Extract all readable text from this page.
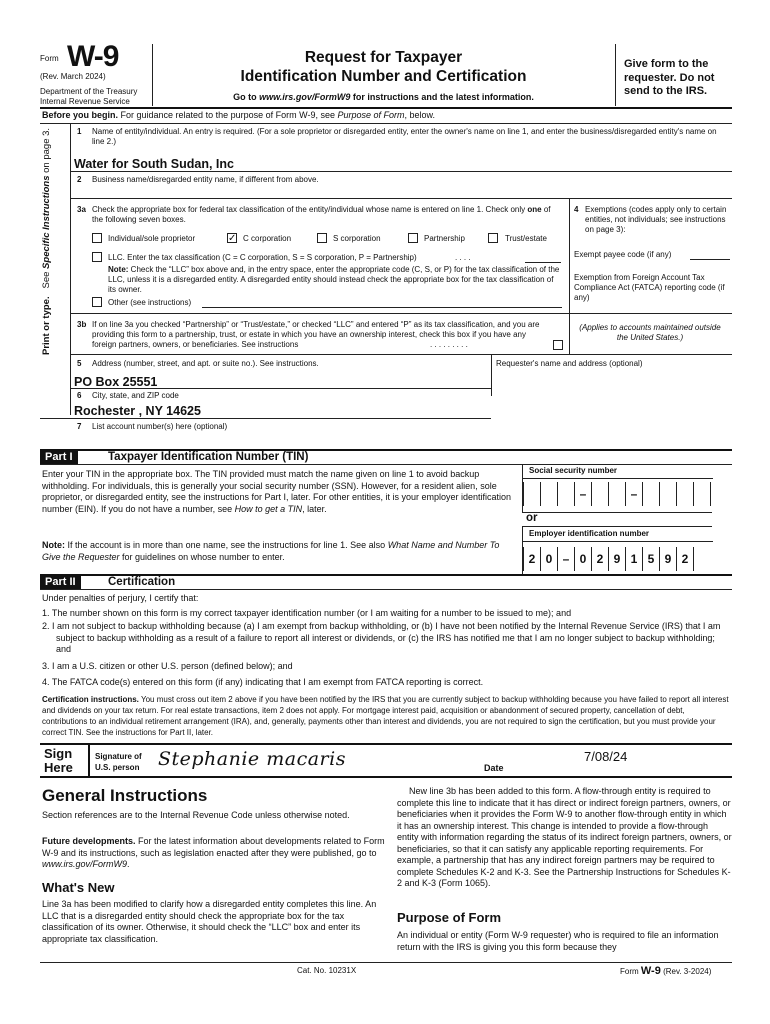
Form W-9
(Rev. March 2024)
Department of the Treasury
Internal Revenue Service
Request for Taxpayer
Identification Number and Certification
Go to www.irs.gov/FormW9 for instructions and the latest information.
Give form to the requester. Do not send to the IRS.
Before you begin. For guidance related to the purpose of Form W-9, see Purpose of Form, below.
Print or type.   See Specific Instructions on page 3.	1 Name of entity/individual. An entry is required. (For a sole proprietor or disregarded entity, enter the owner's name on line 1, and enter the business/disregarded entity's name on line 2.)
Water for South Sudan, Inc
2 Business name/disregarded entity name, if different from above.
3a Check the appropriate box for federal tax classification of the entity/individual whose name is entered on line 1. Check only one of the following seven boxes.
Individual/sole proprietor	✓ C corporation	S corporation	Partnership	Trust/estate
LLC. Enter the tax classification (C = C corporation, S = S corporation, P = Partnership)	. . . .
Note: Check the “LLC” box above and, in the entry space, enter the appropriate code (C, S, or P) for the tax classification of the LLC, unless it is a disregarded entity. A disregarded entity should instead check the appropriate box for the tax classification of its owner.
Other (see instructions)
3b If on line 3a you checked “Partnership” or “Trust/estate,” or checked “LLC” and entered “P” as its tax classification, and you are providing this form to a partnership, trust, or estate in which you have an ownership interest, check this box if you have any foreign partners, owners, or beneficiaries. See instructions	. . . . . . . . .
4 Exemptions (codes apply only to certain entities, not individuals; see instructions on page 3):
Exempt payee code (if any)
Exemption from Foreign Account Tax Compliance Act (FATCA) reporting code (if any)
(Applies to accounts maintained outside the United States.)
5 Address (number, street, and apt. or suite no.). See instructions.	Requester's name and address (optional)
PO Box 25551
6 City, state, and ZIP code
Rochester , NY 14625
7 List account number(s) here (optional)
Part I	Taxpayer Identification Number (TIN)
Enter your TIN in the appropriate box. The TIN provided must match the name given on line 1 to avoid backup withholding. For individuals, this is generally your social security number (SSN). However, for a resident alien, sole proprietor, or disregarded entity, see the instructions for Part I, later. For other entities, it is your employer identification number (EIN). If you do not have a number, see How to get a TIN, later.
Note: If the account is in more than one name, see the instructions for line 1. See also What Name and Number To Give the Requester for guidelines on whose number to enter.
Social security number
–	–
or
Employer identification number
2 0 – 0 2 9 1 5 9 2
Part II	Certification
Under penalties of perjury, I certify that:
1. The number shown on this form is my correct taxpayer identification number (or I am waiting for a number to be issued to me); and
2. I am not subject to backup withholding because (a) I am exempt from backup withholding, or (b) I have not been notified by the Internal Revenue Service (IRS) that I am subject to backup withholding as a result of a failure to report all interest or dividends, or (c) the IRS has notified me that I am no longer subject to backup withholding; and
3. I am a U.S. citizen or other U.S. person (defined below); and
4. The FATCA code(s) entered on this form (if any) indicating that I am exempt from FATCA reporting is correct.
Certification instructions. You must cross out item 2 above if you have been notified by the IRS that you are currently subject to backup withholding because you have failed to report all interest and dividends on your tax return. For real estate transactions, item 2 does not apply. For mortgage interest paid, acquisition or abandonment of secured property, cancellation of debt, contributions to an individual retirement arrangement (IRA), and, generally, payments other than interest and dividends, you are not required to sign the certification, but you must provide your correct TIN. See the instructions for Part II, later.
Sign
Here
Signature of
U.S. person Stephanie macaris	Date
7/08/24
General Instructions
Section references are to the Internal Revenue Code unless otherwise noted.
Future developments. For the latest information about developments related to Form W-9 and its instructions, such as legislation enacted after they were published, go to www.irs.gov/FormW9.
What's New
Line 3a has been modified to clarify how a disregarded entity completes this line. An LLC that is a disregarded entity should check the appropriate box for the tax classification of its owner. Otherwise, it should check the “LLC” box and enter its appropriate tax classification.
New line 3b has been added to this form. A flow-through entity is required to complete this line to indicate that it has direct or indirect foreign partners, owners, or beneficiaries when it provides the Form W-9 to another flow-through entity in which it has an ownership interest. This change is intended to provide a flow-through entity with information regarding the status of its indirect foreign partners, owners, or beneficiaries, so that it can satisfy any applicable reporting requirements. For example, a partnership that has any indirect foreign partners may be required to complete Schedules K-2 and K-3. See the Partnership Instructions for Schedules K-2 and K-3 (Form 1065).
Purpose of Form
An individual or entity (Form W-9 requester) who is required to file an information return with the IRS is giving you this form because they
Cat. No. 10231X	Form W-9 (Rev. 3-2024)
